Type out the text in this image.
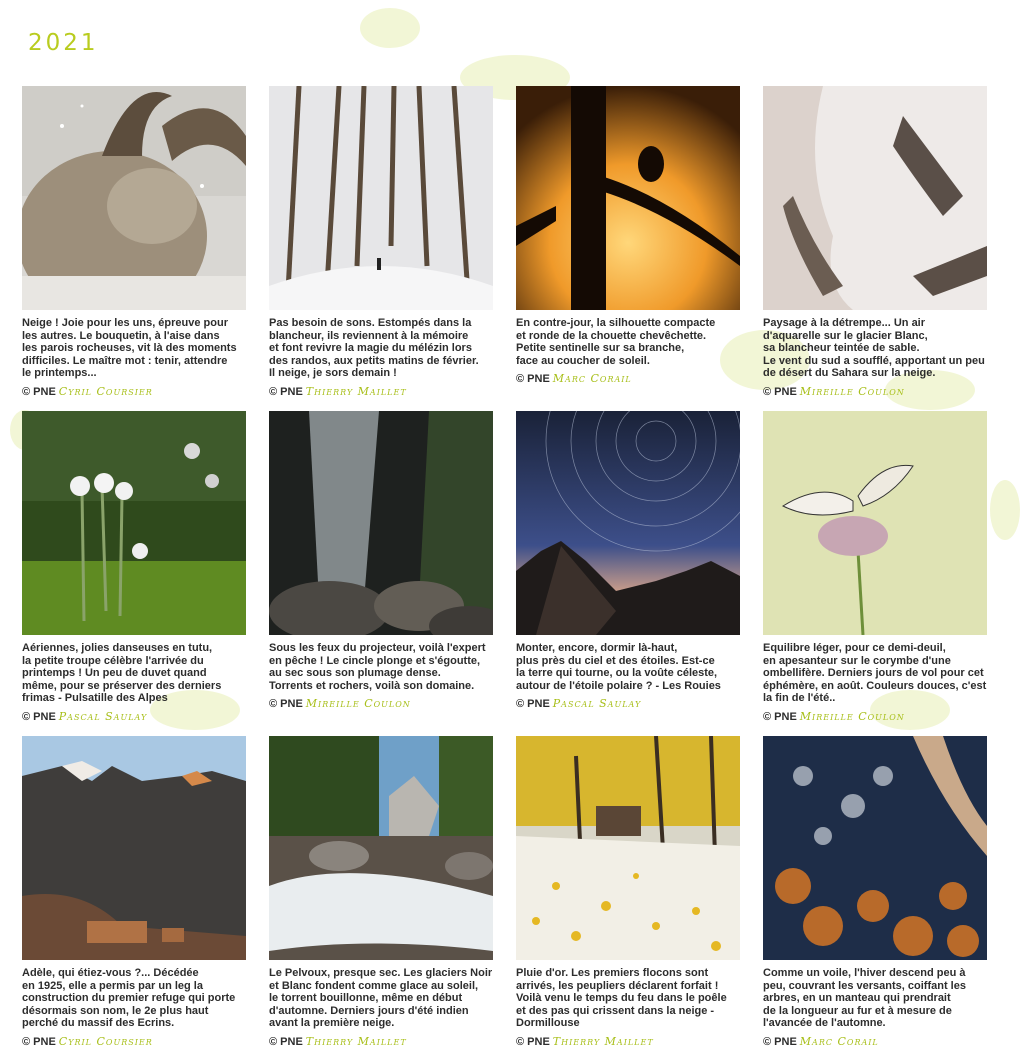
2021
Neige ! Joie pour les uns, épreuve pour
les autres. Le bouquetin, à l'aise dans
les parois rocheuses, vit là des moments
difficiles. Le maître mot : tenir, attendre
le printemps...
© PNE Cyril Coursier
Pas besoin de sons. Estompés dans la
blancheur, ils reviennent à la mémoire
et font revivre la magie du mélézin lors
des randos, aux petits matins de février.
Il neige, je sors demain !
© PNE Thierry Maillet
En contre-jour, la silhouette compacte
et ronde de la chouette chevêchette.
Petite sentinelle sur sa branche,
face au coucher de soleil.
© PNE Marc Corail
Paysage à la détrempe... Un air
d'aquarelle sur le glacier Blanc,
sa blancheur teintée de sable.
Le vent du sud a soufflé, apportant un peu
de désert du Sahara sur la neige.
© PNE Mireille Coulon
Aériennes, jolies danseuses en tutu,
la petite troupe célèbre l'arrivée du
printemps ! Un peu de duvet quand
même, pour se préserver des derniers
frimas - Pulsatille des Alpes
© PNE Pascal Saulay
Sous les feux du projecteur, voilà l'expert
en pêche ! Le cincle plonge et s'égoutte,
au sec sous son plumage dense.
Torrents et rochers, voilà son domaine.
© PNE Mireille Coulon
Monter, encore, dormir là-haut,
plus près du ciel et des étoiles. Est-ce
la terre qui tourne, ou la voûte céleste,
autour de l'étoile polaire ? - Les Rouies
© PNE Pascal Saulay
Equilibre léger, pour ce demi-deuil,
en apesanteur sur le corymbe d'une
ombellifère. Derniers jours de vol pour cet
éphémère, en août. Couleurs douces, c'est
la fin de l'été..
© PNE Mireille Coulon
Adèle, qui étiez-vous ?... Décédée
en 1925, elle a permis par un leg la
construction du premier refuge qui porte
désormais son nom, le 2e plus haut
perché du massif des Ecrins.
© PNE Cyril Coursier
Le Pelvoux, presque sec. Les glaciers Noir
et Blanc fondent comme glace au soleil,
le torrent bouillonne, même en début
d'automne. Derniers jours d'été indien
avant la première neige.
© PNE Thierry Maillet
Pluie d'or. Les premiers flocons sont
arrivés, les peupliers déclarent forfait !
Voilà venu le temps du feu dans le poêle
et des pas qui crissent dans la neige -
Dormillouse
© PNE Thierry Maillet
Comme un voile, l'hiver descend peu à
peu, couvrant les versants, coiffant les
arbres, en un manteau qui prendrait
de la longueur au fur et à mesure de
l'avancée de l'automne.
© PNE Marc Corail
